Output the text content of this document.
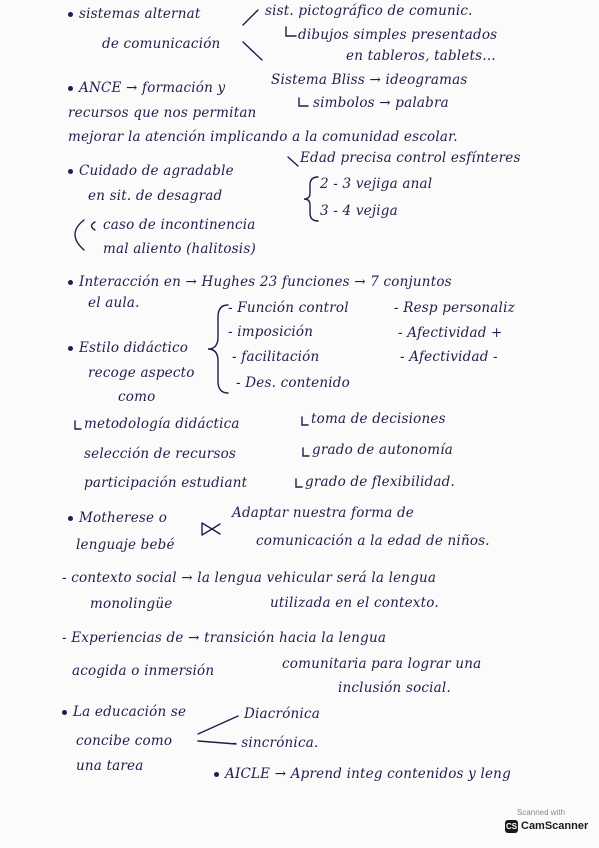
sistemas alternat	sist. pictográfico de comunic.
de comunicación
dibujos simples presentados
en tableros, tablets…
ANCE → formación y	Sistema Bliss → ideogramas
recursos que nos permitan
simbolos → palabra
mejorar la atención implicando a la comunidad escolar.
Cuidado de agradable
Edad precisa control esfínteres
en sit. de desagrad
2 - 3 vejiga anal
3 - 4 vejiga
caso de incontinencia
mal aliento (halitosis)
Interacción en → Hughes 23 funciones → 7 conjuntos
el aula.	- Función control
- imposición
- facilitación
- Des. contenido
- Resp personaliz
- Afectividad +
- Afectividad -
Estilo didáctico
recoge aspecto
como
metodología didáctica	toma de decisiones
selección de recursos	grado de autonomía
participación estudiant	grado de flexibilidad.
Motherese o
lenguaje bebé
Adaptar nuestra forma de
comunicación a la edad de niños.
- contexto social → la lengua vehicular será la lengua
monolingüe	utilizada en el contexto.
- Experiencias de → transición hacia la lengua
acogida o inmersión	comunitaria para lograr una
inclusión social.
La educación se
concibe como
una tarea
Diacrónica
- sincrónica.
AICLE → Aprend integ contenidos y leng
Scanned with
CS CamScanner
